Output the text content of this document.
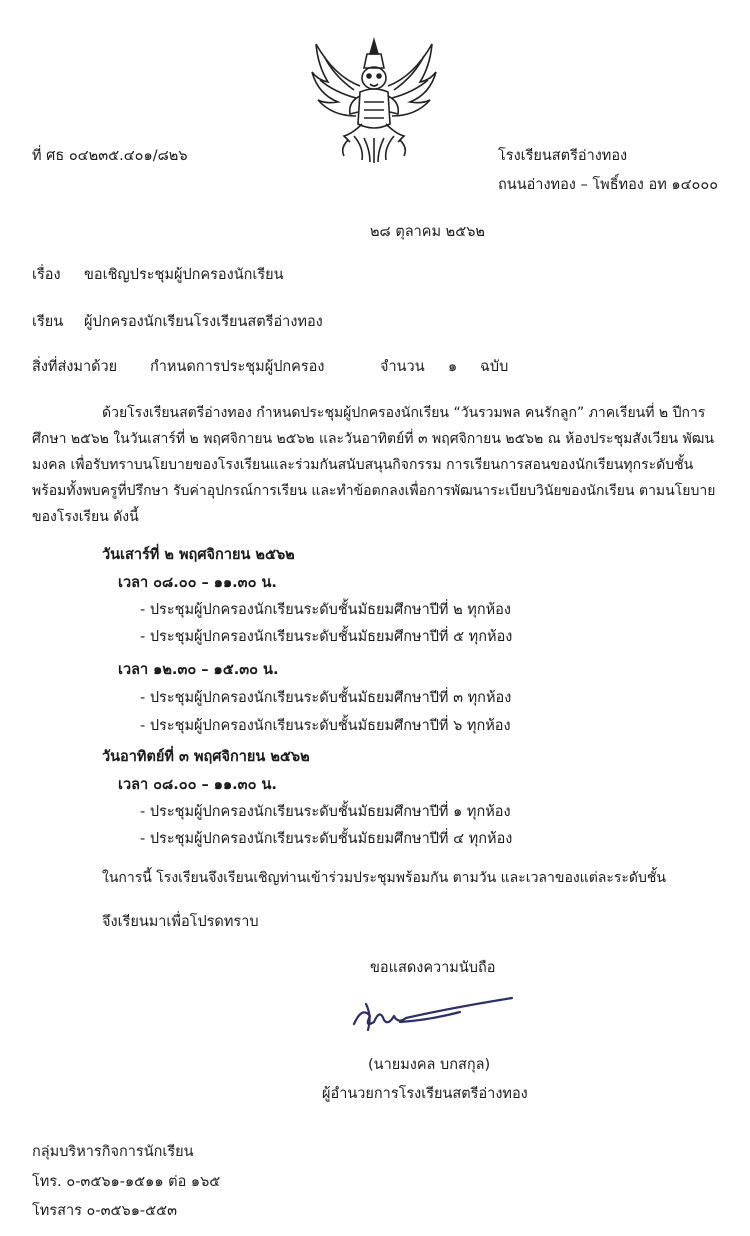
ที่ ศธ ๐๔๒๓๕.๔๐๑/๘๒๖	โรงเรียนสตรีอ่างทอง
ถนนอ่างทอง – โพธิ์ทอง อท ๑๔๐๐๐
๒๘ ตุลาคม ๒๕๖๒
เรื่อง ขอเชิญประชุมผู้ปกครองนักเรียน
เรียน ผู้ปกครองนักเรียนโรงเรียนสตรีอ่างทอง
สิ่งที่ส่งมาด้วย กำหนดการประชุมผู้ปกครอง	จำนวน ๑ ฉบับ
ด้วยโรงเรียนสตรีอ่างทอง กำหนดประชุมผู้ปกครองนักเรียน “วันรวมพล คนรักลูก” ภาคเรียนที่ ๒ ปีการศึกษา ๒๕๖๒ ในวันเสาร์ที่ ๒ พฤศจิกายน ๒๕๖๒ และวันอาทิตย์ที่ ๓ พฤศจิกายน ๒๕๖๒ ณ ห้องประชุมสังเวียน พัฒนมงคล เพื่อรับทราบนโยบายของโรงเรียนและร่วมกันสนับสนุนกิจกรรม การเรียนการสอนของนักเรียนทุกระดับชั้นพร้อมทั้งพบครูที่ปรึกษา รับค่าอุปกรณ์การเรียน และทำข้อตกลงเพื่อการพัฒนาระเบียบวินัยของนักเรียน ตามนโยบายของโรงเรียน ดังนี้
วันเสาร์ที่ ๒ พฤศจิกายน ๒๕๖๒
เวลา ๐๘.๐๐ – ๑๑.๓๐ น.
- ประชุมผู้ปกครองนักเรียนระดับชั้นมัธยมศึกษาปีที่ ๒ ทุกห้อง
- ประชุมผู้ปกครองนักเรียนระดับชั้นมัธยมศึกษาปีที่ ๕ ทุกห้อง
เวลา ๑๒.๓๐ – ๑๕.๓๐ น.
- ประชุมผู้ปกครองนักเรียนระดับชั้นมัธยมศึกษาปีที่ ๓ ทุกห้อง
- ประชุมผู้ปกครองนักเรียนระดับชั้นมัธยมศึกษาปีที่ ๖ ทุกห้อง
วันอาทิตย์ที่ ๓ พฤศจิกายน ๒๕๖๒
เวลา ๐๘.๐๐ – ๑๑.๓๐ น.
- ประชุมผู้ปกครองนักเรียนระดับชั้นมัธยมศึกษาปีที่ ๑ ทุกห้อง
- ประชุมผู้ปกครองนักเรียนระดับชั้นมัธยมศึกษาปีที่ ๔ ทุกห้อง
ในการนี้ โรงเรียนจึงเรียนเชิญท่านเข้าร่วมประชุมพร้อมกัน ตามวัน และเวลาของแต่ละระดับชั้น
จึงเรียนมาเพื่อโปรดทราบ
ขอแสดงความนับถือ
(นายมงคล บกสกุล)
ผู้อำนวยการโรงเรียนสตรีอ่างทอง
กลุ่มบริหารกิจการนักเรียน
โทร. ๐-๓๕๖๑-๑๕๑๑ ต่อ ๑๖๕
โทรสาร ๐-๓๕๖๑-๕๕๓
